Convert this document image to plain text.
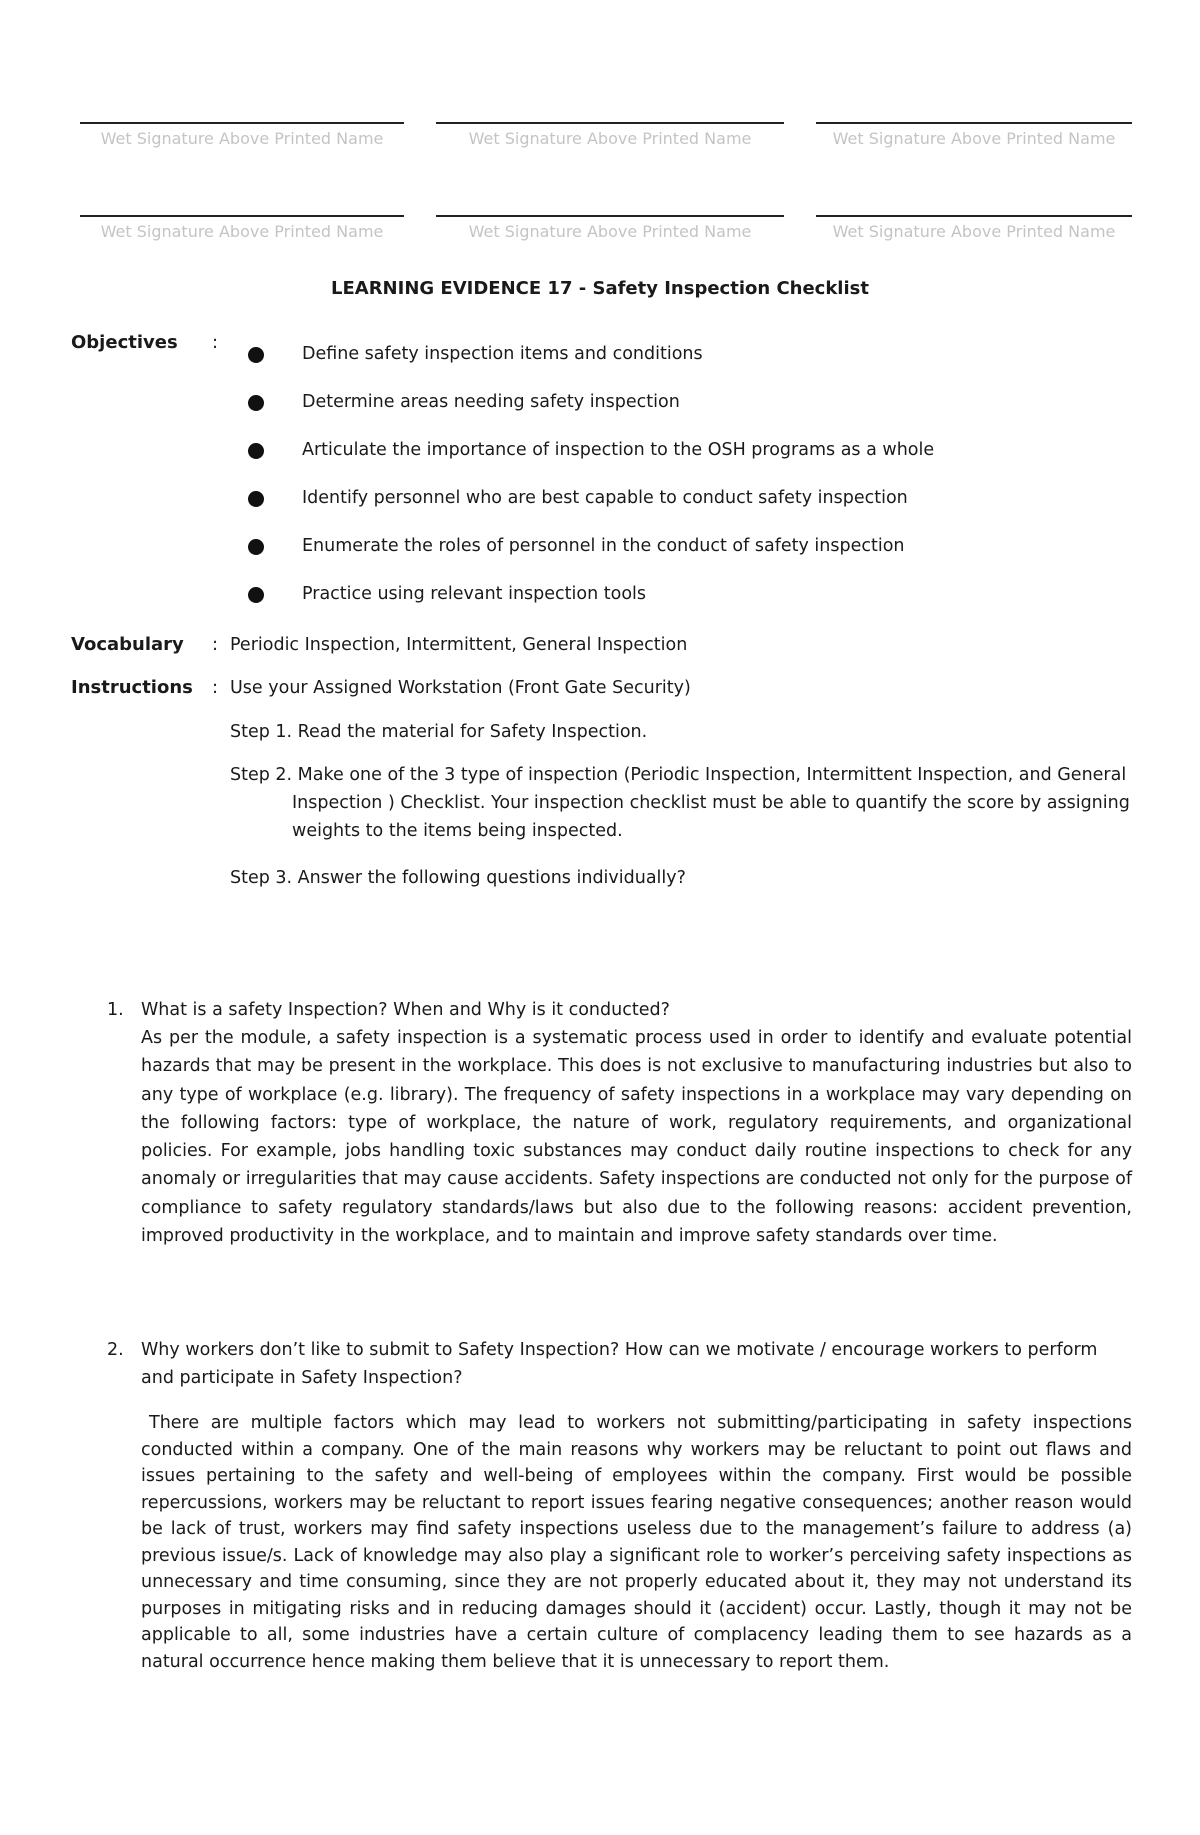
Wet Signature Above Printed Name	Wet Signature Above Printed Name	Wet Signature Above Printed Name
Wet Signature Above Printed Name	Wet Signature Above Printed Name	Wet Signature Above Printed Name
LEARNING EVIDENCE 17 - Safety Inspection Checklist
Objectives :
Define safety inspection items and conditions
Determine areas needing safety inspection
Articulate the importance of inspection to the OSH programs as a whole
Identify personnel who are best capable to conduct safety inspection
Enumerate the roles of personnel in the conduct of safety inspection
Practice using relevant inspection tools
Vocabulary : Periodic Inspection, Intermittent, General Inspection
Instructions : Use your Assigned Workstation (Front Gate Security)
Step 1. Read the material for Safety Inspection.
Step 2. Make one of the 3 type of inspection (Periodic Inspection, Intermittent Inspection, and General Inspection ) Checklist. Your inspection checklist must be able to quantify the score by assigning weights to the items being inspected.
Step 3. Answer the following questions individually?
1. What is a safety Inspection? When and Why is it conducted?
As per the module, a safety inspection is a systematic process used in order to identify and evaluate potential hazards that may be present in the workplace. This does is not exclusive to manufacturing industries but also to any type of workplace (e.g. library). The frequency of safety inspections in a workplace may vary depending on the following factors: type of workplace, the nature of work, regulatory requirements, and organizational policies. For example, jobs handling toxic substances may conduct daily routine inspections to check for any anomaly or irregularities that may cause accidents. Safety inspections are conducted not only for the purpose of compliance to safety regulatory standards/laws but also due to the following reasons: accident prevention, improved productivity in the workplace, and to maintain and improve safety standards over time.
2. Why workers don’t like to submit to Safety Inspection? How can we motivate / encourage workers to perform and participate in Safety Inspection?
There are multiple factors which may lead to workers not submitting/participating in safety inspections conducted within a company. One of the main reasons why workers may be reluctant to point out flaws and issues pertaining to the safety and well-being of employees within the company. First would be possible repercussions, workers may be reluctant to report issues fearing negative consequences; another reason would be lack of trust, workers may find safety inspections useless due to the management’s failure to address (a) previous issue/s. Lack of knowledge may also play a significant role to worker’s perceiving safety inspections as unnecessary and time consuming, since they are not properly educated about it, they may not understand its purposes in mitigating risks and in reducing damages should it (accident) occur. Lastly, though it may not be applicable to all, some industries have a certain culture of complacency leading them to see hazards as a natural occurrence hence making them believe that it is unnecessary to report them.
